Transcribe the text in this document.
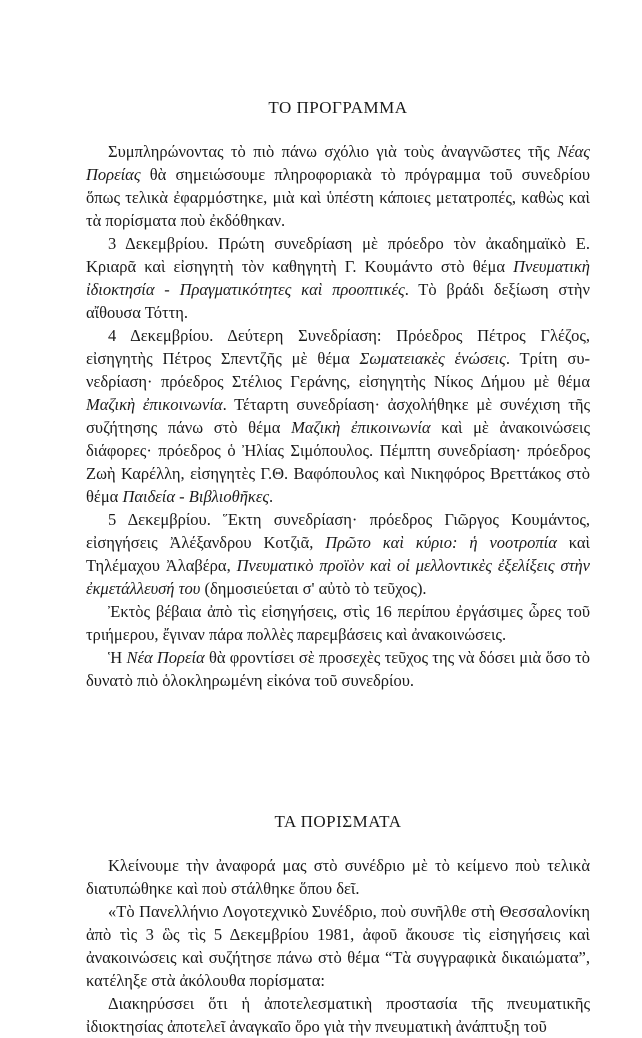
ΤΟ ΠΡΟΓΡΑΜΜΑ

Συμπληρώνοντας τὸ πιὸ πάνω σχόλιο γιὰ τοὺς ἀναγνῶστες τῆς Νέας Πορείας θὰ σημειώσουμε πληροφοριακὰ τὸ πρόγραμμα τοῦ συνεδρίου ὅπως τελικὰ ἐφαρμόστηκε, μιὰ καὶ ὑπέστη κάποιες μετατροπές, καθὼς καὶ τὰ πορίσματα ποὺ ἐκδόθηκαν.

3 Δεκεμβρίου. Πρώτη συνεδρίαση μὲ πρόεδρο τὸν ἀκαδημαϊκὸ Ε. Κριαρᾶ καὶ εἰσηγητὴ τὸν καθηγητὴ Γ. Κουμάντο στὸ θέμα Πνευματικὴ ἰδιοκτησία - Πραγματικότητες καὶ προοπτικές. Τὸ βράδι δεξίωση στὴν αἴθουσα Τόττη.

4 Δεκεμβρίου. Δεύτερη Συνεδρίαση: Πρόεδρος Πέτρος Γλέζος, εἰσηγητὴς Πέτρος Σπεντζῆς μὲ θέμα Σωματειακὲς ἑνώσεις. Τρίτη συνεδρίαση· πρόεδρος Στέλιος Γεράνης, εἰσηγητὴς Νίκος Δήμου μὲ θέμα Μαζικὴ ἐπικοινωνία. Τέταρτη συνεδρίαση· ἀσχολήθηκε μὲ συνέχιση τῆς συζήτησης πάνω στὸ θέμα Μαζικὴ ἐπικοινωνία καὶ μὲ ἀνακοινώσεις διάφορες· πρόεδρος ὁ Ἠλίας Σιμόπουλος. Πέμπτη συνεδρίαση· πρόεδρος Ζωὴ Καρέλλη, εἰσηγητὲς Γ.Θ. Βαφόπουλος καὶ Νικηφόρος Βρεττάκος στὸ θέμα Παιδεία - Βιβλιοθῆκες.

5 Δεκεμβρίου. Ἕκτη συνεδρίαση· πρόεδρος Γιῶργος Κουμάντος, εἰσηγήσεις Ἀλέξανδρου Κοτζιᾶ, Πρῶτο καὶ κύριο: ἡ νοοτροπία καὶ Τηλέμαχου Ἀλαβέρα, Πνευματικὸ προϊὸν καὶ οἱ μελλοντικὲς ἐξελίξεις στὴν ἐκμετάλλευσή του (δημοσιεύεται σ' αὐτὸ τὸ τεῦχος).

Ἐκτὸς βέβαια ἀπὸ τὶς εἰσηγήσεις, στὶς 16 περίπου ἐργάσιμες ὧρες τοῦ τριήμερου, ἔγιναν πάρα πολλὲς παρεμβάσεις καὶ ἀνακοινώσεις.

Ἡ Νέα Πορεία θὰ φροντίσει σὲ προσεχὲς τεῦχος της νὰ δόσει μιὰ ὅσο τὸ δυνατὸ πιὸ ὁλοκληρωμένη εἰκόνα τοῦ συνεδρίου.

ΤΑ ΠΟΡΙΣΜΑΤΑ

Κλείνουμε τὴν ἀναφορά μας στὸ συνέδριο μὲ τὸ κείμενο ποὺ τελικὰ διατυπώθηκε καὶ ποὺ στάλθηκε ὅπου δεῖ.

«Τὸ Πανελλήνιο Λογοτεχνικὸ Συνέδριο, ποὺ συνῆλθε στὴ Θεσσαλονίκη ἀπὸ τὶς 3 ὣς τὶς 5 Δεκεμβρίου 1981, ἀφοῦ ἄκουσε τὶς εἰσηγήσεις καὶ ἀνακοινώσεις καὶ συζήτησε πάνω στὸ θέμα “Τὰ συγγραφικὰ δικαιώματα”, κατέληξε στὰ ἀκόλουθα πορίσματα:

Διακηρύσσει ὅτι ἡ ἀποτελεσματικὴ προστασία τῆς πνευματικῆς ἰδιοκτησίας ἀποτελεῖ ἀναγκαῖο ὅρο γιὰ τὴν πνευματικὴ ἀνάπτυξη τοῦ
